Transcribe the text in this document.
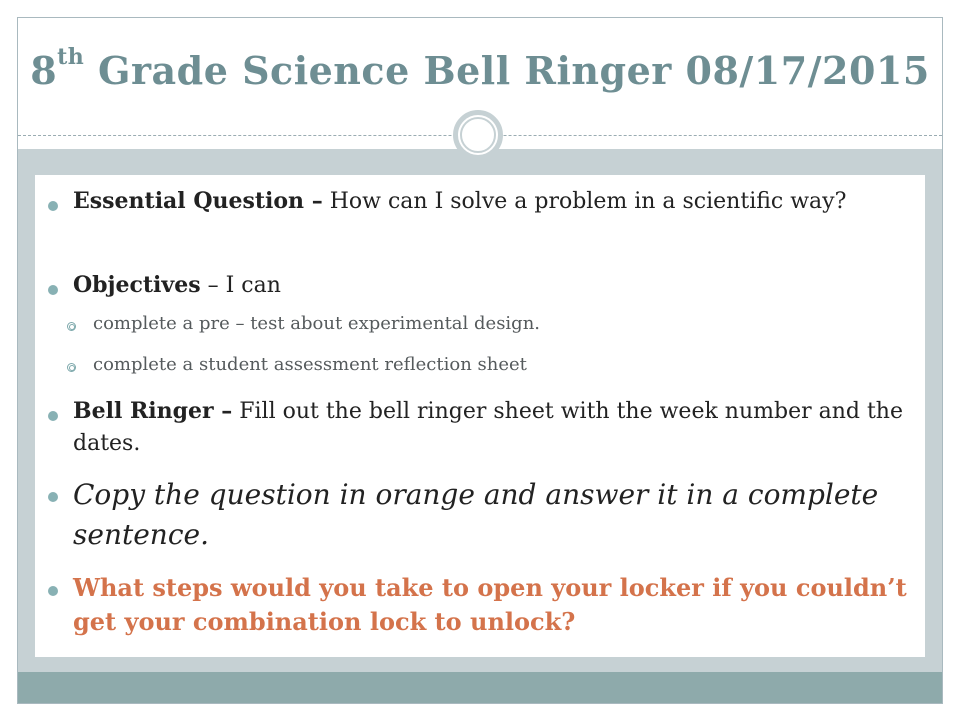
8th Grade Science Bell Ringer 08/17/2015
Essential Question – How can I solve a problem in a scientific way?
Objectives – I can
complete a pre – test about experimental design.
complete a student assessment reflection sheet
Bell Ringer – Fill out the bell ringer sheet with the week number and the dates.
Copy the question in orange and answer it in a complete sentence.
What steps would you take to open your locker if you couldn’t get your combination lock to unlock?
